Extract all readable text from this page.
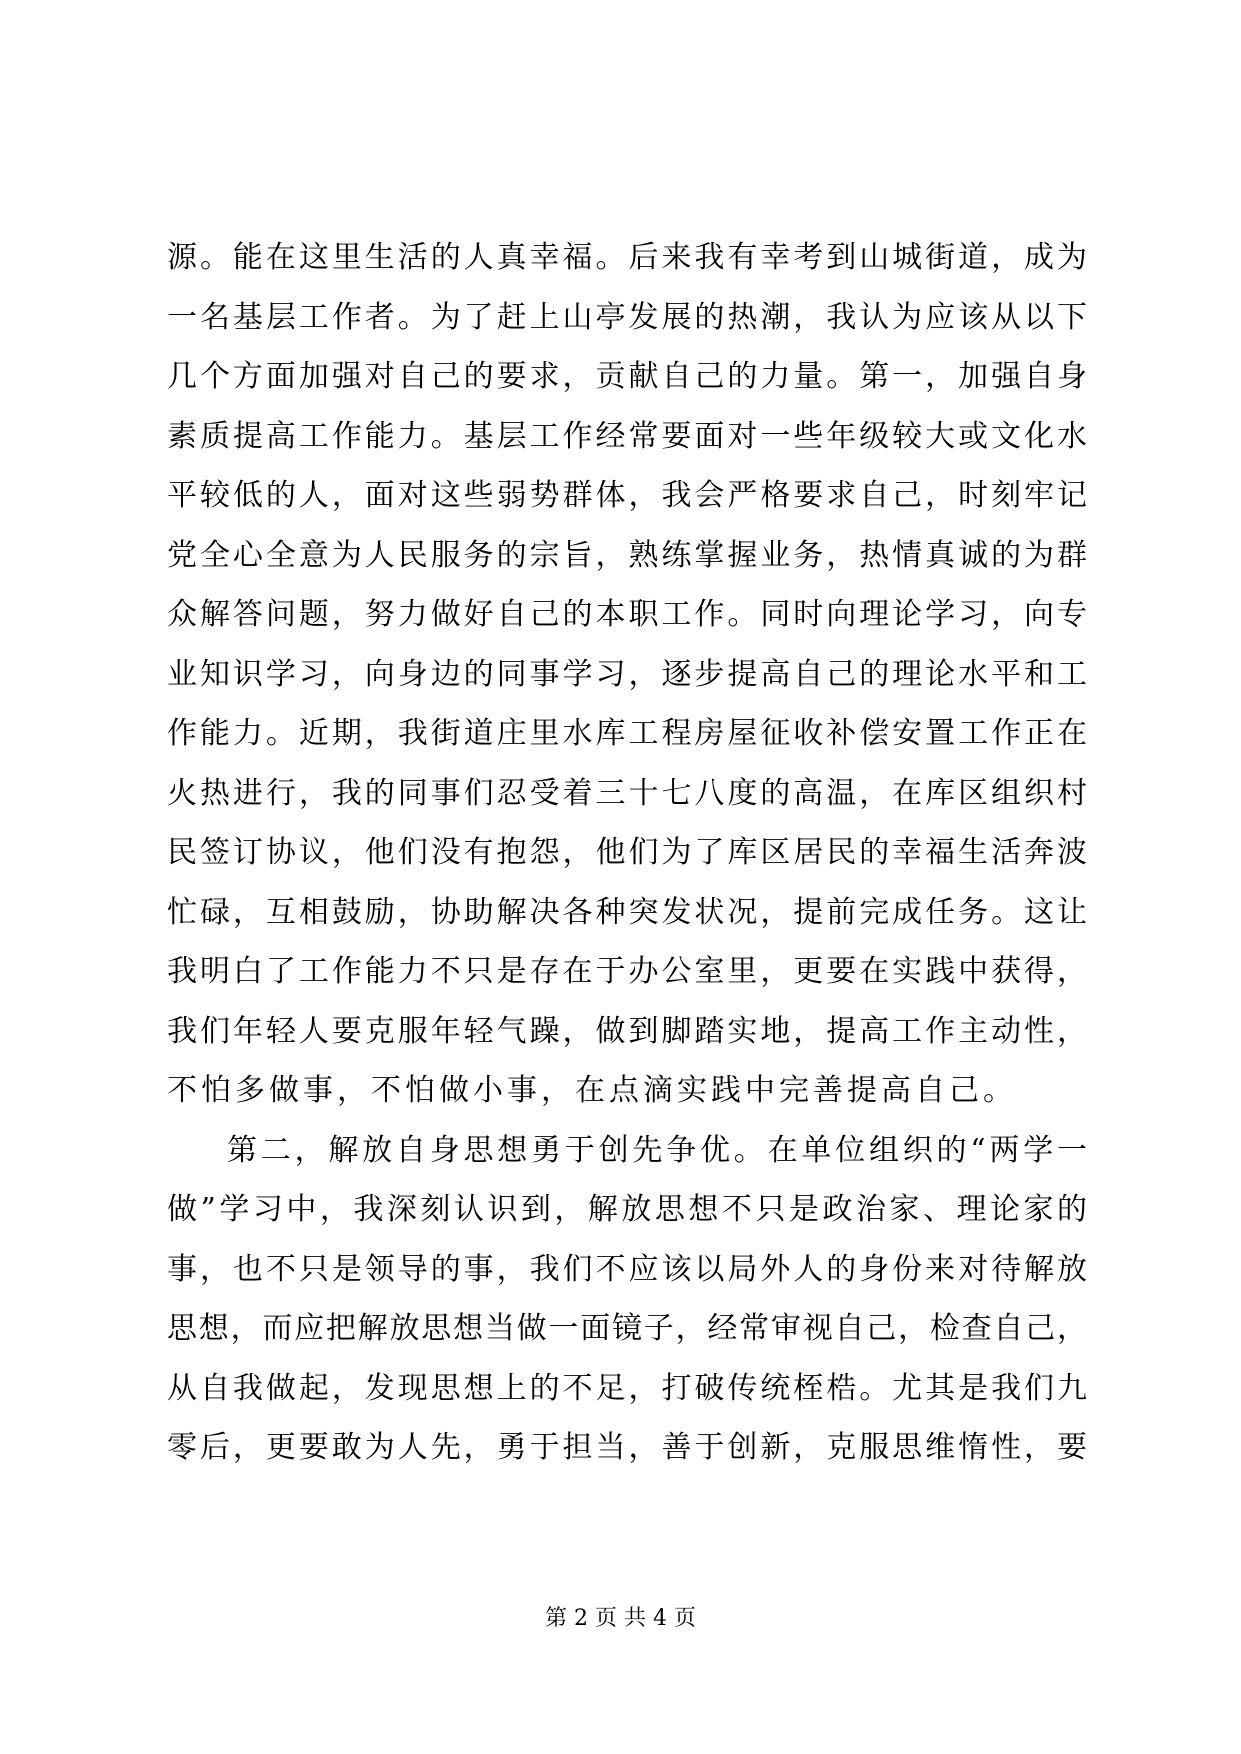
源。能在这里生活的人真幸福。后来我有幸考到山城街道，成为
一名基层工作者。为了赶上山亭发展的热潮，我认为应该从以下
几个方面加强对自己的要求，贡献自己的力量。第一，加强自身
素质提高工作能力。基层工作经常要面对一些年级较大或文化水
平较低的人，面对这些弱势群体，我会严格要求自己，时刻牢记
党全心全意为人民服务的宗旨，熟练掌握业务，热情真诚的为群
众解答问题，努力做好自己的本职工作。同时向理论学习，向专
业知识学习，向身边的同事学习，逐步提高自己的理论水平和工
作能力。近期，我街道庄里水库工程房屋征收补偿安置工作正在
火热进行，我的同事们忍受着三十七八度的高温，在库区组织村
民签订协议，他们没有抱怨，他们为了库区居民的幸福生活奔波
忙碌，互相鼓励，协助解决各种突发状况，提前完成任务。这让
我明白了工作能力不只是存在于办公室里，更要在实践中获得，
我们年轻人要克服年轻气躁，做到脚踏实地，提高工作主动性，
不怕多做事，不怕做小事，在点滴实践中完善提高自己。
第二，解放自身思想勇于创先争优。在单位组织的“两学一
做”学习中，我深刻认识到，解放思想不只是政治家、理论家的
事，也不只是领导的事，我们不应该以局外人的身份来对待解放
思想，而应把解放思想当做一面镜子，经常审视自己，检查自己，
从自我做起，发现思想上的不足，打破传统桎梏。尤其是我们九
零后，更要敢为人先，勇于担当，善于创新，克服思维惰性，要
第 2 页 共 4 页
